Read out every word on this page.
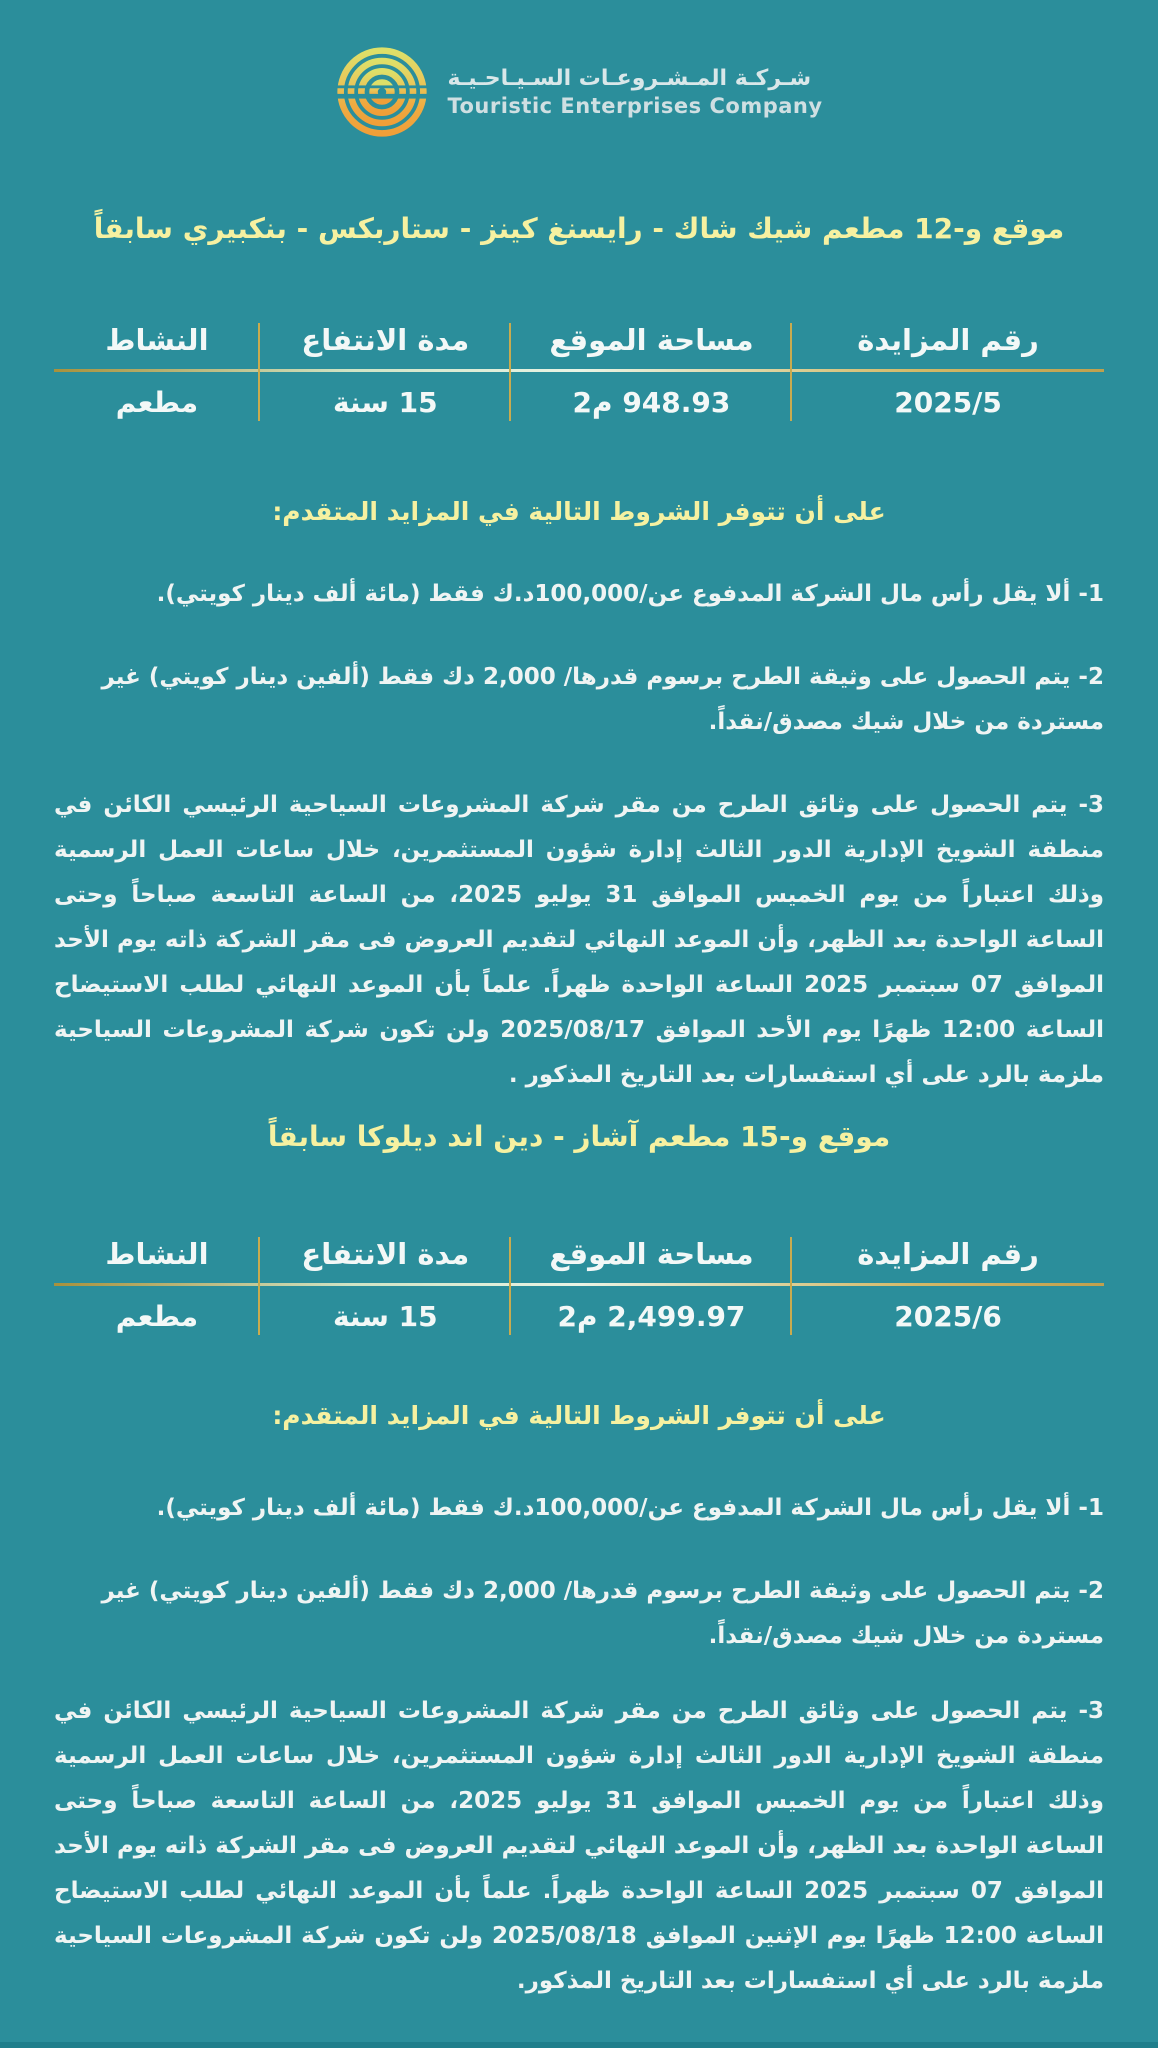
شـركـة المـشـروعـات السـيـاحـيـة
Touristic Enterprises Company
موقع و-12 مطعم شيك شاك - رايسنغ كينز - ستاربكس - بنكبيري سابقاً
رقم المزايدة
مساحة الموقع
مدة الانتفاع
النشاط
2025/5
948.93 م2
15 سنة
مطعم
على أن تتوفر الشروط التالية في المزايد المتقدم:
1- ألا يقل رأس مال الشركة المدفوع عن/100,000د.ك فقط (مائة ألف دينار كويتي).
2- يتم الحصول على وثيقة الطرح برسوم قدرها/ 2,000 دك فقط (ألفين دينار كويتي) غير مستردة من خلال شيك مصدق/نقداً.
3- يتم الحصول على وثائق الطرح من مقر شركة المشروعات السياحية الرئيسي الكائن في منطقة الشويخ الإدارية الدور الثالث إدارة شؤون المستثمرين، خلال ساعات العمل الرسمية وذلك اعتباراً من يوم الخميس الموافق 31 يوليو 2025، من الساعة التاسعة صباحاً وحتى الساعة الواحدة بعد الظهر، وأن الموعد النهائي لتقديم العروض فى مقر الشركة ذاته يوم الأحد الموافق 07 سبتمبر 2025 الساعة الواحدة ظهراً. علماً بأن الموعد النهائي لطلب الاستيضاح الساعة 12:00 ظهرًا يوم الأحد الموافق 2025/08/17 ولن تكون شركة المشروعات السياحية ملزمة بالرد على أي استفسارات بعد التاريخ المذكور .
موقع و-15 مطعم آشاز - دين اند ديلوكا سابقاً
رقم المزايدة
مساحة الموقع
مدة الانتفاع
النشاط
2025/6
2,499.97 م2
15 سنة
مطعم
على أن تتوفر الشروط التالية في المزايد المتقدم:
1- ألا يقل رأس مال الشركة المدفوع عن/100,000د.ك فقط (مائة ألف دينار كويتي).
2- يتم الحصول على وثيقة الطرح برسوم قدرها/ 2,000 دك فقط (ألفين دينار كويتي) غير مستردة من خلال شيك مصدق/نقداً.
3- يتم الحصول على وثائق الطرح من مقر شركة المشروعات السياحية الرئيسي الكائن في منطقة الشويخ الإدارية الدور الثالث إدارة شؤون المستثمرين، خلال ساعات العمل الرسمية وذلك اعتباراً من يوم الخميس الموافق 31 يوليو 2025، من الساعة التاسعة صباحاً وحتى الساعة الواحدة بعد الظهر، وأن الموعد النهائي لتقديم العروض فى مقر الشركة ذاته يوم الأحد الموافق 07 سبتمبر 2025 الساعة الواحدة ظهراً. علماً بأن الموعد النهائي لطلب الاستيضاح الساعة 12:00 ظهرًا يوم الإثنين الموافق 2025/08/18 ولن تكون شركة المشروعات السياحية ملزمة بالرد على أي استفسارات بعد التاريخ المذكور.
